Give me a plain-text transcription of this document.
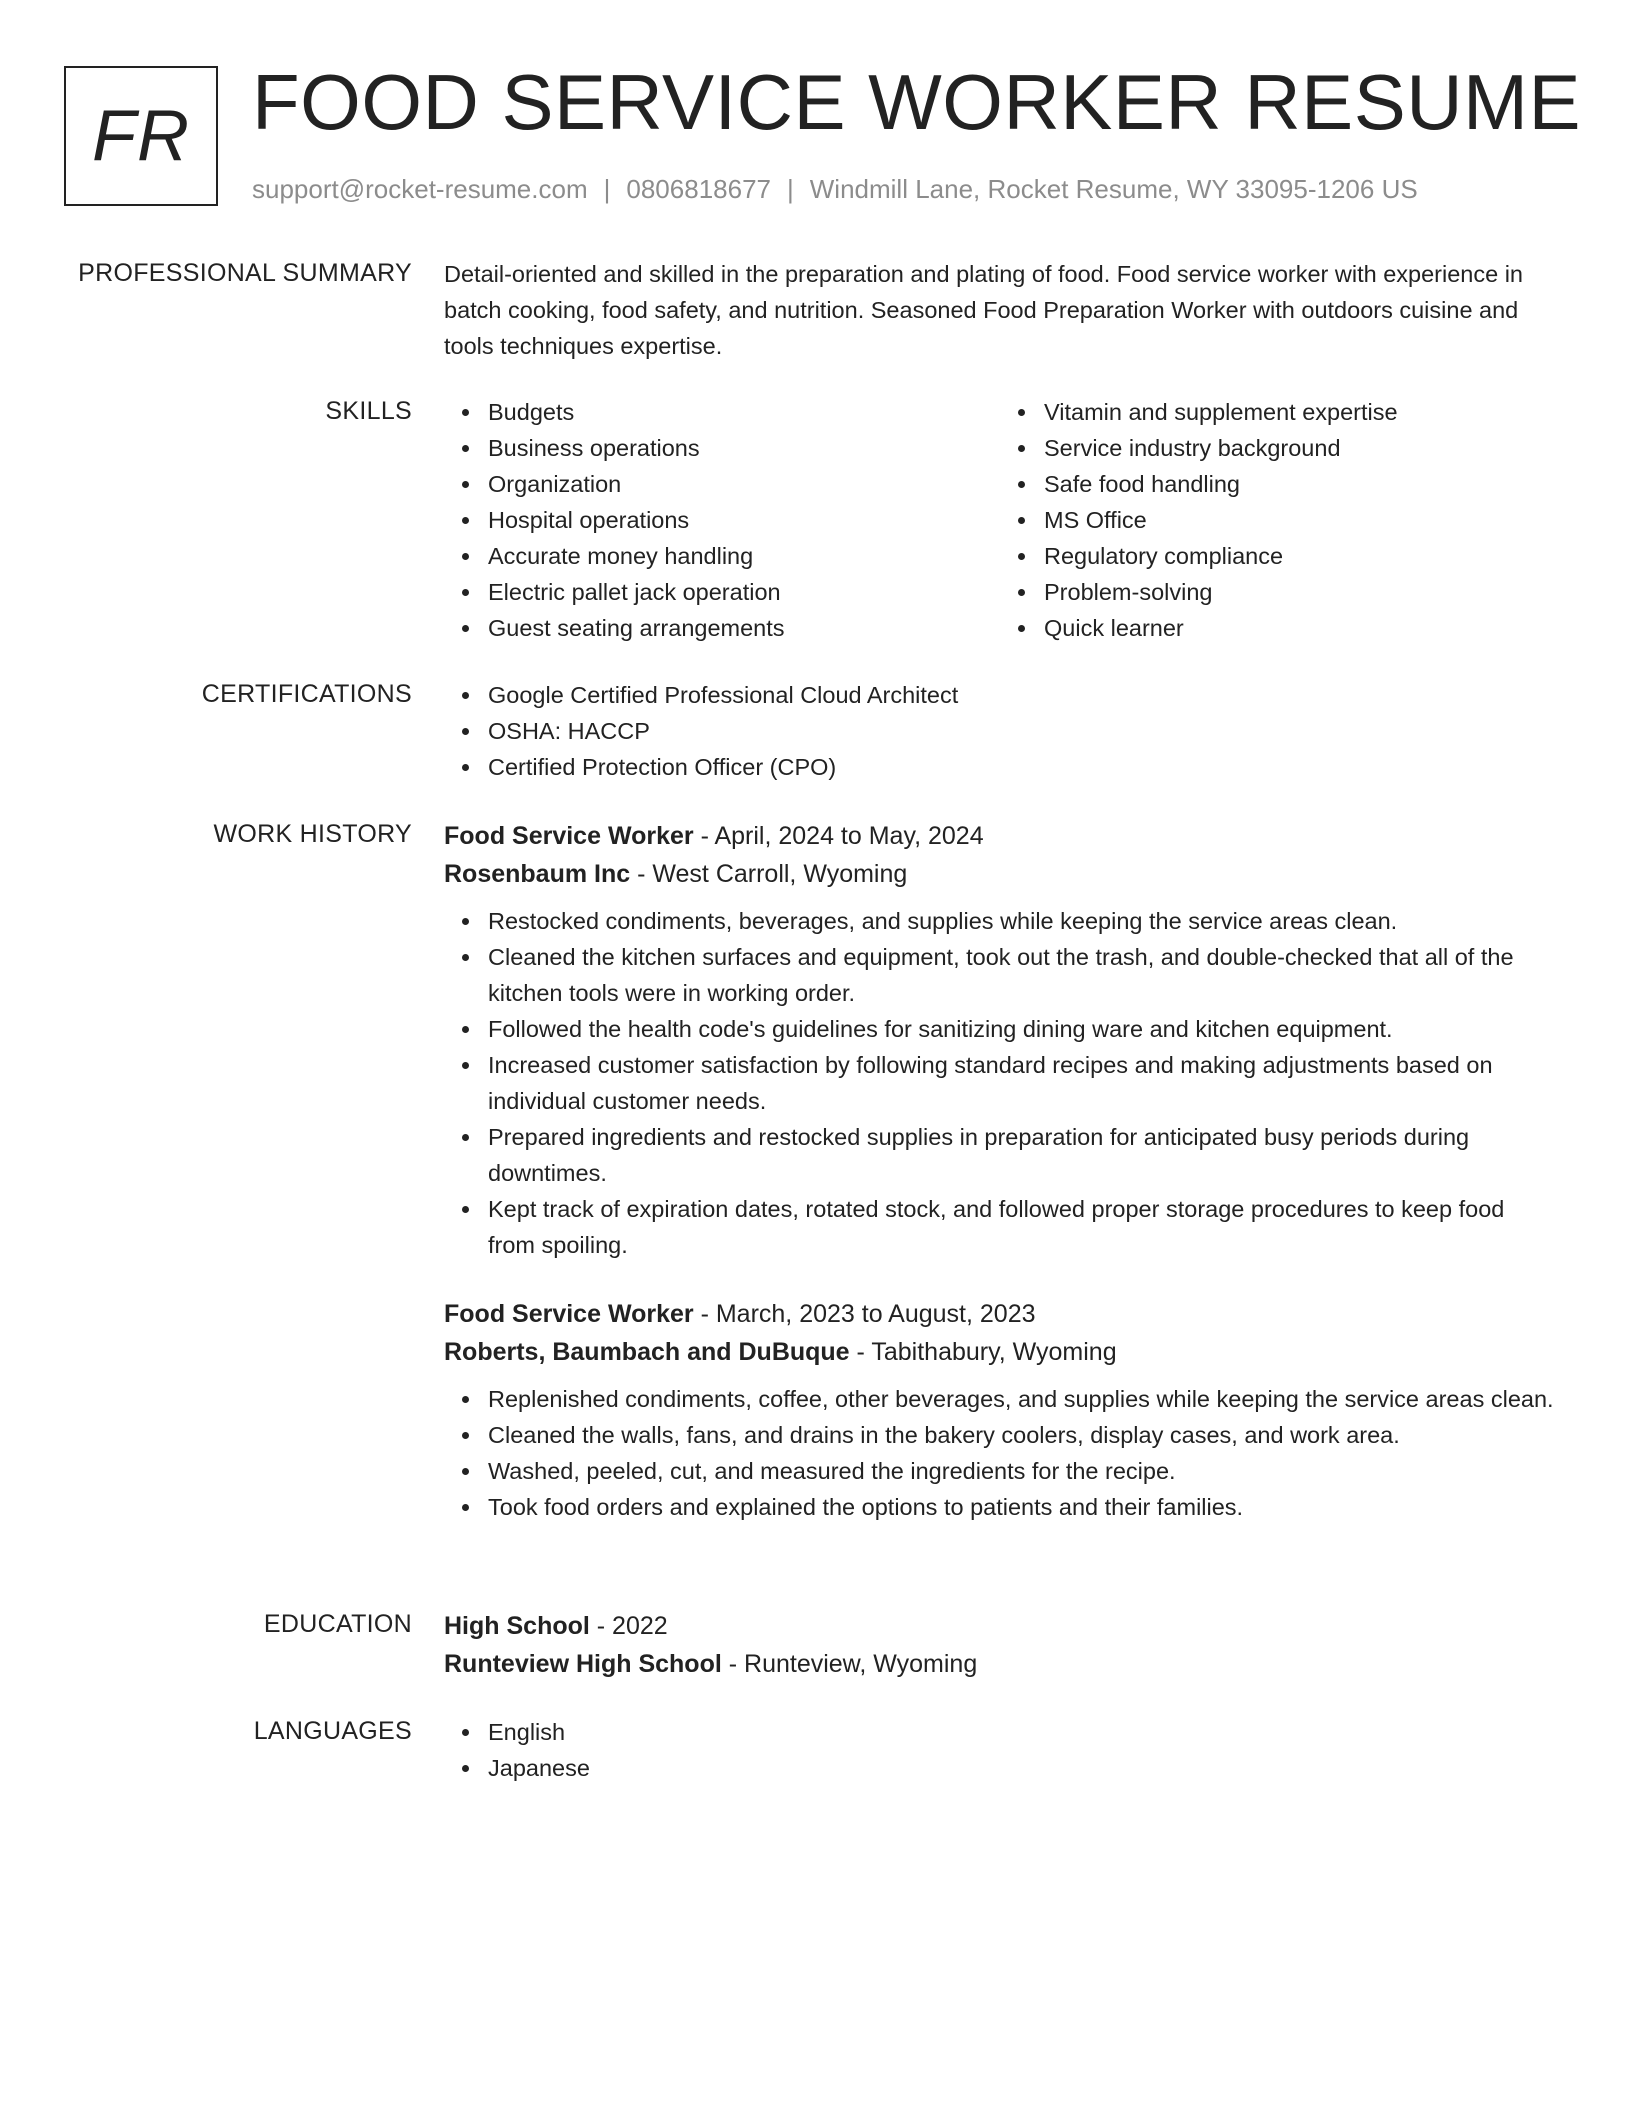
FR FOOD SERVICE WORKER RESUME
support@rocket-resume.com | 0806818677 | Windmill Lane, Rocket Resume, WY 33095-1206 US
PROFESSIONAL SUMMARY Detail-oriented and skilled in the preparation and plating of food. Food service worker with experience in batch cooking, food safety, and nutrition. Seasoned Food Preparation Worker with outdoors cuisine and tools techniques expertise.

SKILLS	Budgets
Business operations
Organization
Hospital operations
Accurate money handling
Electric pallet jack operation
Guest seating arrangements
Vitamin and supplement expertise
Service industry background
Safe food handling
MS Office
Regulatory compliance
Problem-solving
Quick learner
CERTIFICATIONS	Google Certified Professional Cloud Architect
OSHA: HACCP
Certified Protection Officer (CPO)
WORK HISTORY Food Service Worker - April, 2024 to May, 2024
Rosenbaum Inc - West Carroll, Wyoming
Restocked condiments, beverages, and supplies while keeping the service areas clean.
Cleaned the kitchen surfaces and equipment, took out the trash, and double-checked that all of the kitchen tools were in working order.
Followed the health code's guidelines for sanitizing dining ware and kitchen equipment.
Increased customer satisfaction by following standard recipes and making adjustments based on individual customer needs.
Prepared ingredients and restocked supplies in preparation for anticipated busy periods during downtimes.
Kept track of expiration dates, rotated stock, and followed proper storage procedures to keep food from spoiling.
Food Service Worker - March, 2023 to August, 2023
Roberts, Baumbach and DuBuque - Tabithabury, Wyoming
Replenished condiments, coffee, other beverages, and supplies while keeping the service areas clean.
Cleaned the walls, fans, and drains in the bakery coolers, display cases, and work area.
Washed, peeled, cut, and measured the ingredients for the recipe.
Took food orders and explained the options to patients and their families.
EDUCATION High School - 2022
Runteview High School - Runteview, Wyoming
LANGUAGES	English
Japanese
